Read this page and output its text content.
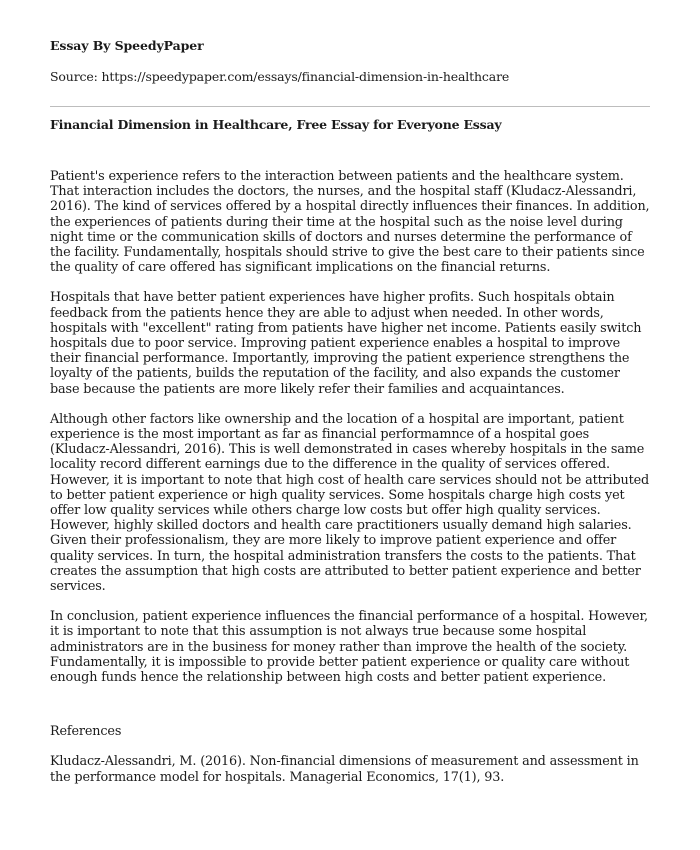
Essay By SpeedyPaper

Source: https://speedypaper.com/essays/financial-dimension-in-healthcare

Financial Dimension in Healthcare, Free Essay for Everyone Essay

Patient's experience refers to the interaction between patients and the healthcare system. That interaction includes the doctors, the nurses, and the hospital staff (Kludacz-Alessandri, 2016). The kind of services offered by a hospital directly influences their finances. In addition, the experiences of patients during their time at the hospital such as the noise level during night time or the communication skills of doctors and nurses determine the performance of the facility. Fundamentally, hospitals should strive to give the best care to their patients since the quality of care offered has significant implications on the financial returns.

Hospitals that have better patient experiences have higher profits. Such hospitals obtain feedback from the patients hence they are able to adjust when needed. In other words, hospitals with "excellent" rating from patients have higher net income. Patients easily switch hospitals due to poor service. Improving patient experience enables a hospital to improve their financial performance. Importantly, improving the patient experience strengthens the loyalty of the patients, builds the reputation of the facility, and also expands the customer base because the patients are more likely refer their families and acquaintances.

Although other factors like ownership and the location of a hospital are important, patient experience is the most important as far as financial performamnce of a hospital goes (Kludacz-Alessandri, 2016). This is well demonstrated in cases whereby hospitals in the same locality record different earnings due to the difference in the quality of services offered. However, it is important to note that high cost of health care services should not be attributed to better patient experience or high quality services. Some hospitals charge high costs yet offer low quality services while others charge low costs but offer high quality services. However, highly skilled doctors and health care practitioners usually demand high salaries. Given their professionalism, they are more likely to improve patient experience and offer quality services. In turn, the hospital administration transfers the costs to the patients. That creates the assumption that high costs are attributed to better patient experience and better services.

In conclusion, patient experience influences the financial performance of a hospital. However, it is important to note that this assumption is not always true because some hospital administrators are in the business for money rather than improve the health of the society. Fundamentally, it is impossible to provide better patient experience or quality care without enough funds hence the relationship between high costs and better patient experience.

References

Kludacz-Alessandri, M. (2016). Non-financial dimensions of measurement and assessment in the performance model for hospitals. Managerial Economics, 17(1), 93.
